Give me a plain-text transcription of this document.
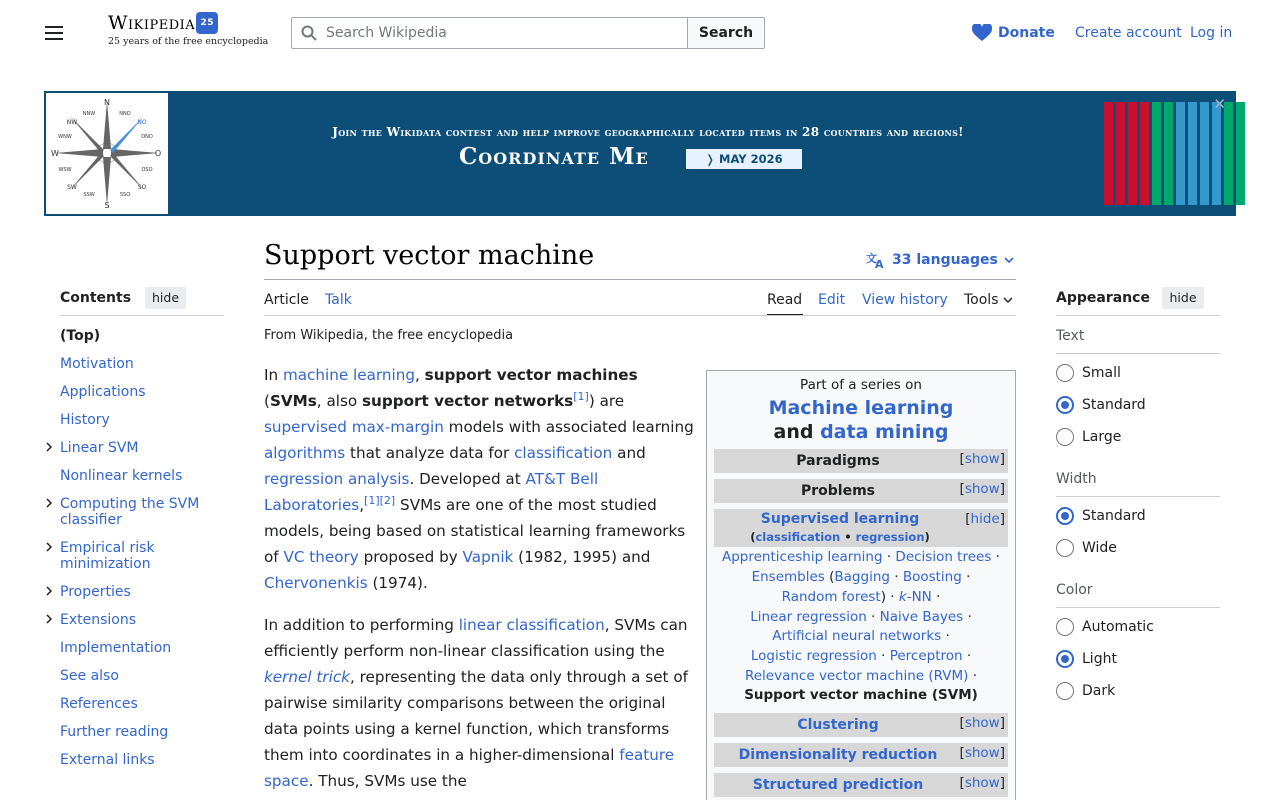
Wikipedia 25
25 years of the free encyclopedia
Search Wikipedia
Search	Donate Create account Log in
N
NNO
NO
ONO
O
OSO
SO
SSO
S
SSW
SW
WSW
W
WNW
NW
NNW
Join the Wikidata contest and help improve geographically located items in 28 countries and regions!
Coordinate Me	❭ MAY 2026
✕
Contents	hide
(Top)
Motivation
Applications
History
Linear SVM
Nonlinear kernels
Computing the SVM classifier
Empirical risk minimization
Properties
Extensions
Implementation
See also
References
Further reading
External links
Support vector machine	文
A 33 languages
Article Talk	Read Edit View history Tools
From Wikipedia, the free encyclopedia
In machine learning, support vector machines (SVMs, also support vector networks[1]) are supervised max-margin models with associated learning algorithms that analyze data for classification and regression analysis. Developed at AT&T Bell Laboratories,[1][2] SVMs are one of the most studied models, being based on statistical learning frameworks of VC theory proposed by Vapnik (1982, 1995) and Chervonenkis (1974).
In addition to performing linear classification, SVMs can efficiently perform non-linear classification using the kernel trick, representing the data only through a set of pairwise similarity comparisons between the original data points using a kernel function, which transforms them into coordinates in a higher-dimensional feature space. Thus, SVMs use the
Part of a series on
Machine learning
and data mining
Paradigms	[show]
Problems	[show]
Supervised learning
(classification • regression)
[hide]
Apprenticeship learning · Decision trees ·
Ensembles (Bagging · Boosting ·
Random forest) · k-NN ·
Linear regression · Naive Bayes ·
Artificial neural networks ·
Logistic regression · Perceptron ·
Relevance vector machine (RVM) ·
Support vector machine (SVM)
Clustering	[show]
Dimensionality reduction	[show]
Structured prediction	[show]
Appearance	hide
Text
Small
Standard
Large
Width
Standard
Wide
Color
Automatic
Light
Dark
